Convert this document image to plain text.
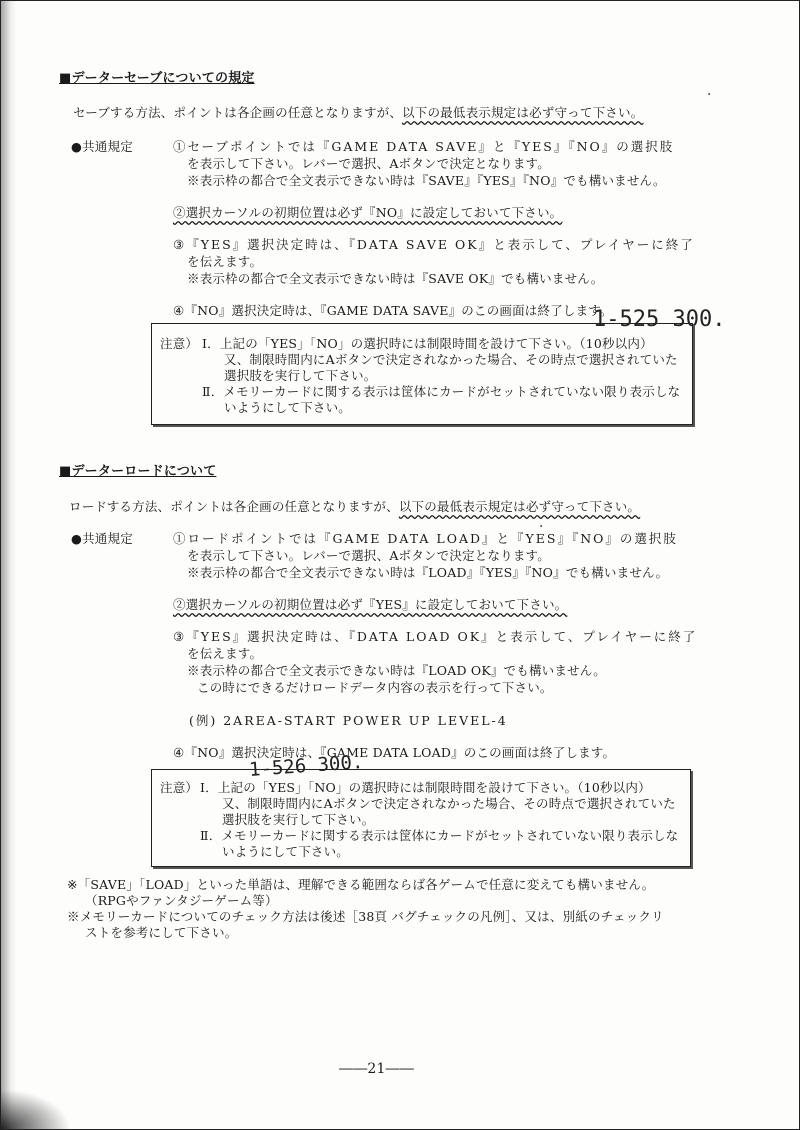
·
·
■データーセーブについての規定
セーブする方法、ポイントは各企画の任意となりますが、以下の最低表示規定は必ず守って下さい。
●共通規定	①セーブポイントでは『GAME DATA SAVE』と『YES』『NO』の選択肢
を表示して下さい。レバーで選択、Aボタンで決定となります。
※表示枠の都合で全文表示できない時は『SAVE』『YES』『NO』でも構いません。
②選択カーソルの初期位置は必ず『NO』に設定しておいて下さい。
③『YES』選択決定時は、『DATA SAVE OK』と表示して、プレイヤーに終了
を伝えます。
※表示枠の都合で全文表示できない時は『SAVE OK』でも構いません。
④『NO』選択決定時は、『GAME DATA SAVE』のこの画面は終了します。
1-525 300.
注意） Ⅰ．上記の「YES」「NO」の選択時には制限時間を設けて下さい。（10秒以内）
又、制限時間内にAボタンで決定されなかった場合、その時点で選択されていた
選択肢を実行して下さい。
Ⅱ．メモリーカードに関する表示は筐体にカードがセットされていない限り表示しな
いようにして下さい。
■データーロードについて
ロードする方法、ポイントは各企画の任意となりますが、以下の最低表示規定は必ず守って下さい。
●共通規定	①ロードポイントでは『GAME DATA LOAD』と『YES』『NO』の選択肢
を表示して下さい。レバーで選択、Aボタンで決定となります。
※表示枠の都合で全文表示できない時は『LOAD』『YES』『NO』でも構いません。
②選択カーソルの初期位置は必ず『YES』に設定しておいて下さい。
③『YES』選択決定時は、『DATA LOAD OK』と表示して、プレイヤーに終了
を伝えます。
※表示枠の都合で全文表示できない時は『LOAD OK』でも構いません。
この時にできるだけロードデータ内容の表示を行って下さい。
(例) 2AREA-START POWER UP LEVEL-4
④『NO』選択決定時は、『GAME DATA LOAD』のこの画面は終了します。
1-526 300.
注意） Ⅰ．上記の「YES」「NO」の選択時には制限時間を設けて下さい。（10秒以内）
又、制限時間内にAボタンで決定されなかった場合、その時点で選択されていた
選択肢を実行して下さい。
Ⅱ．メモリーカードに関する表示は筐体にカードがセットされていない限り表示しな
いようにして下さい。
※「SAVE」「LOAD」といった単語は、理解できる範囲ならば各ゲームで任意に変えても構いません。
（RPGやファンタジーゲーム等）
※メモリーカードについてのチェック方法は後述［38頁 バグチェックの凡例］、又は、別紙のチェックリ
ストを参考にして下さい。
――21――
